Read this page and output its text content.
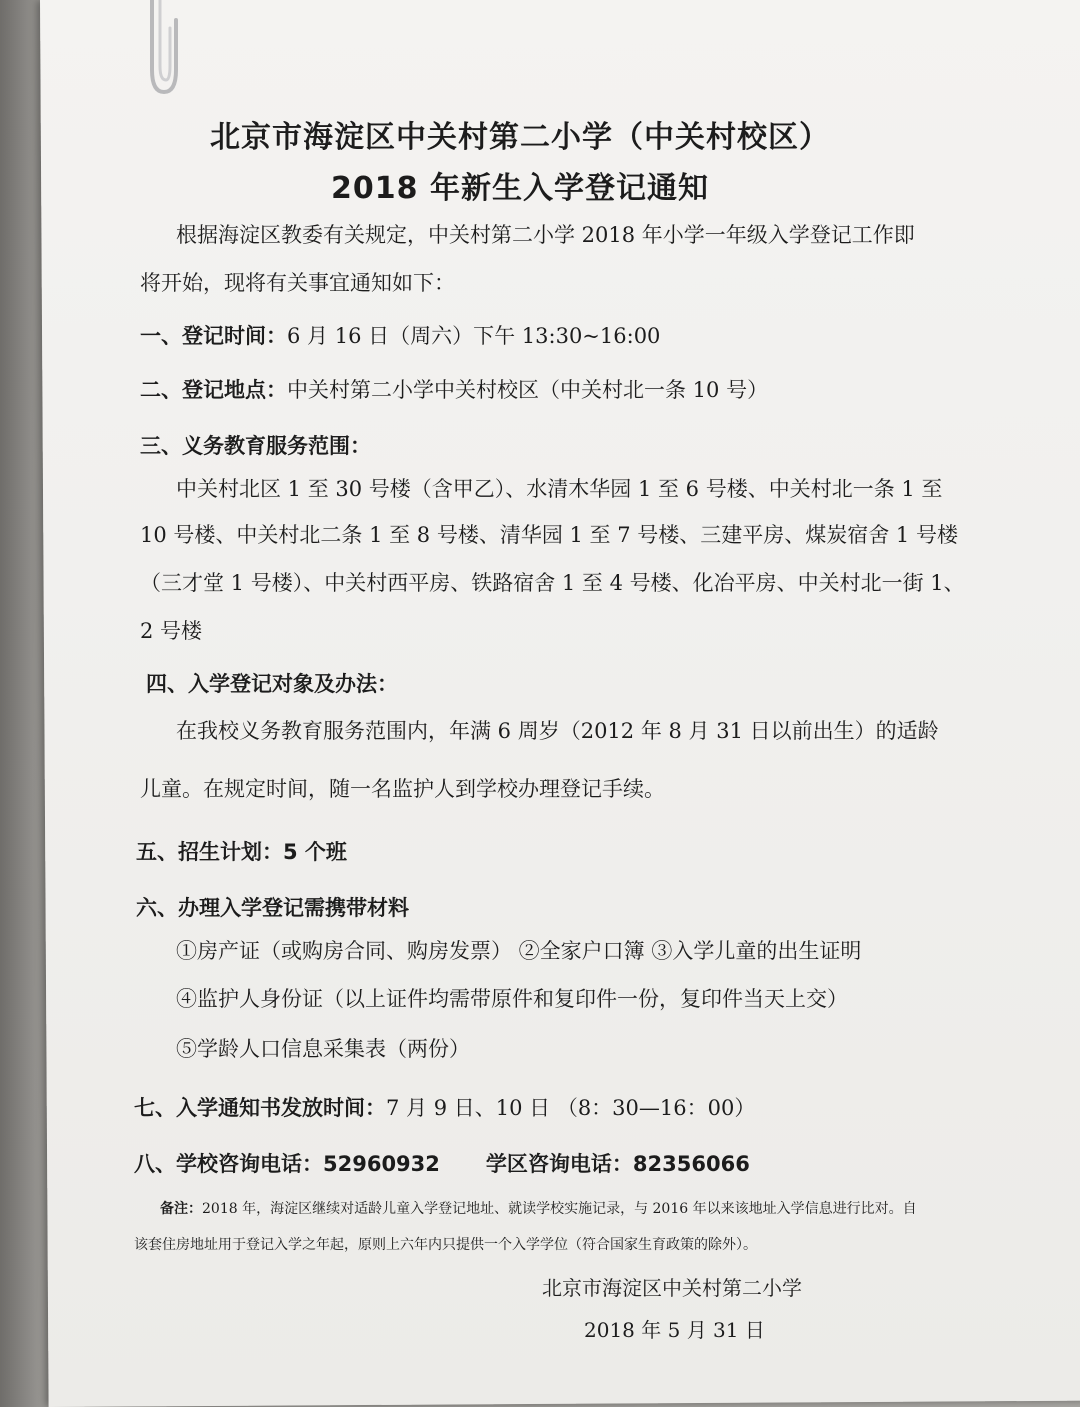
北京市海淀区中关村第二小学（中关村校区）
2018 年新生入学登记通知
根据海淀区教委有关规定，中关村第二小学 2018 年小学一年级入学登记工作即
将开始，现将有关事宜通知如下：
一、登记时间：6 月 16 日（周六）下午 13:30~16:00
二、登记地点：中关村第二小学中关村校区（中关村北一条 10 号）
三、义务教育服务范围：
中关村北区 1 至 30 号楼（含甲乙）、水清木华园 1 至 6 号楼、中关村北一条 1 至
10 号楼、中关村北二条 1 至 8 号楼、清华园 1 至 7 号楼、三建平房、煤炭宿舍 1 号楼
（三才堂 1 号楼）、中关村西平房、铁路宿舍 1 至 4 号楼、化冶平房、中关村北一街 1、
2 号楼
四、入学登记对象及办法：
在我校义务教育服务范围内，年满 6 周岁（2012 年 8 月 31 日以前出生）的适龄
儿童。在规定时间，随一名监护人到学校办理登记手续。
五、招生计划：5 个班
六、办理入学登记需携带材料
①房产证（或购房合同、购房发票） ②全家户口簿 ③入学儿童的出生证明
④监护人身份证（以上证件均需带原件和复印件一份，复印件当天上交）
⑤学龄人口信息采集表（两份）
七、入学通知书发放时间：7 月 9 日、10 日 （8：30—16：00）
八、学校咨询电话：52960932 学区咨询电话：82356066
备注：2018 年，海淀区继续对适龄儿童入学登记地址、就读学校实施记录，与 2016 年以来该地址入学信息进行比对。自
该套住房地址用于登记入学之年起，原则上六年内只提供一个入学学位（符合国家生育政策的除外）。
北京市海淀区中关村第二小学
2018 年 5 月 31 日
